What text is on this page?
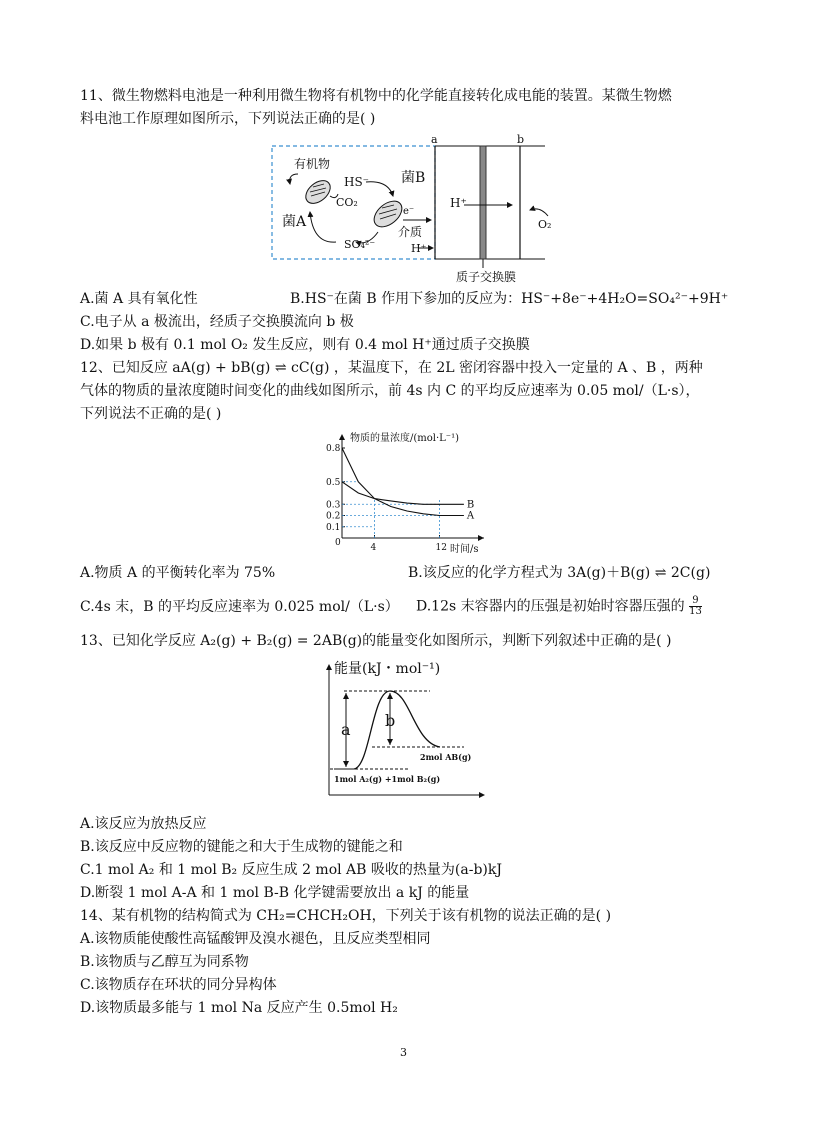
11、微生物燃料电池是一种利用微生物将有机物中的化学能直接转化成电能的装置。某微生物燃
料电池工作原理如图所示，下列说法正确的是( )
a	b
有机物
HS⁻
CO₂
菌A
菌B
e⁻
介质
SO₄²⁻	H⁺
H⁺
O₂
质子交换膜
A.菌 A 具有氧化性	B.HS⁻在菌 B 作用下参加的反应为：HS⁻+8e⁻+4H₂O=SO₄²⁻+9H⁺
C.电子从 a 极流出，经质子交换膜流向 b 极
D.如果 b 极有 0.1 mol O₂ 发生反应，则有 0.4 mol H⁺通过质子交换膜
12、已知反应 aA(g) + bB(g) ⇌ cC(g) ，某温度下，在 2L 密闭容器中投入一定量的 A 、B ，两种
气体的物质的量浓度随时间变化的曲线如图所示，前 4s 内 C 的平均反应速率为 0.05 mol/（L·s），
下列说法不正确的是( )
物质的量浓度/(mol·L⁻¹)
时间/s
0
0.8
0.5
0.3
0.2
0.1
4	12
A
B
A.物质 A 的平衡转化率为 75%	B.该反应的化学方程式为 3A(g)＋B(g) ⇌ 2C(g)
C.4s 末，B 的平均反应速率为 0.025 mol/（L·s） D.12s 末容器内的压强是初始时容器压强的 $\frac{9}{13}$
13、已知化学反应 A₂(g) + B₂(g) = 2AB(g)的能量变化如图所示，判断下列叙述中正确的是( )
能量(kJ・mol⁻¹)
a b
2mol AB(g)
1mol A₂(g) +1mol B₂(g)
A.该反应为放热反应
B.该反应中反应物的键能之和大于生成物的键能之和
C.1 mol A₂ 和 1 mol B₂ 反应生成 2 mol AB 吸收的热量为(a-b)kJ
D.断裂 1 mol A-A 和 1 mol B-B 化学键需要放出 a kJ 的能量
14、某有机物的结构简式为 CH₂=CHCH₂OH，下列关于该有机物的说法正确的是( )
A.该物质能使酸性高锰酸钾及溴水褪色，且反应类型相同
B.该物质与乙醇互为同系物
C.该物质存在环状的同分异构体
D.该物质最多能与 1 mol Na 反应产生 0.5mol H₂
3
